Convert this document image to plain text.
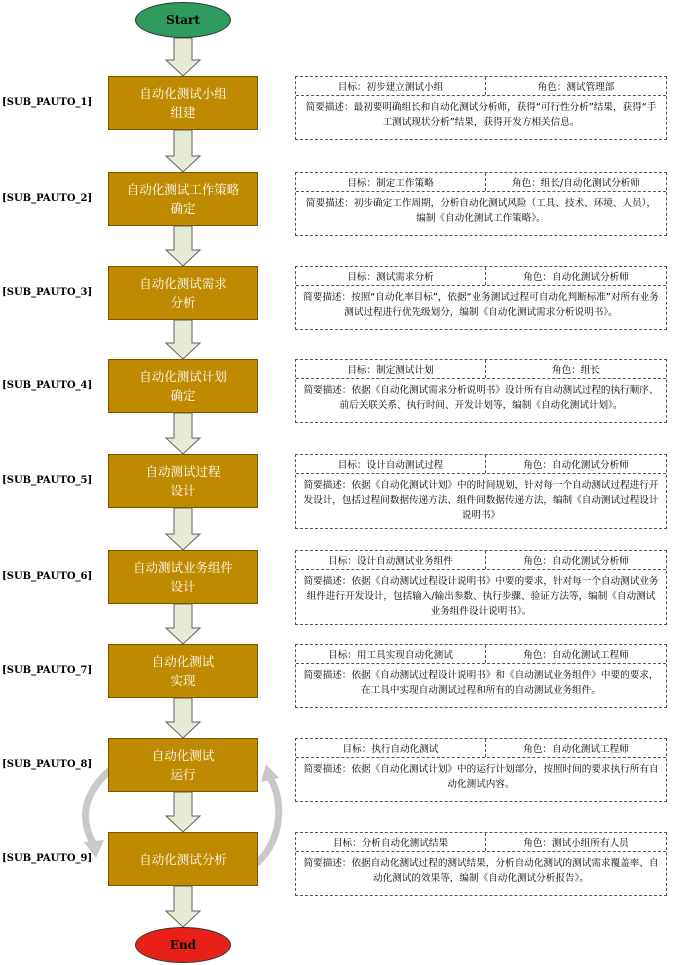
Start
[SUB_PAUTO_1]
自动化测试小组
组建
目标：初步建立测试小组	角色：测试管理部
简要描述：最初要明确组长和自动化测试分析师，获得“可行性分析”结果，获得“手工测试现状分析”结果，获得开发方相关信息。
[SUB_PAUTO_2]
自动化测试工作策略
确定
目标：制定工作策略	角色：组长/自动化测试分析师
简要描述：初步确定工作周期，分析自动化测试风险（工具、技术、环境、人员），编制《自动化测试工作策略》。
[SUB_PAUTO_3]
自动化测试需求
分析
目标：测试需求分析	角色：自动化测试分析师
简要描述：按照“自动化率目标”，依据“业务测试过程可自动化判断标准”对所有业务测试过程进行优先级划分，编制《自动化测试需求分析说明书》。
[SUB_PAUTO_4]
自动化测试计划
确定
目标：制定测试计划	角色：组长
简要描述：依据《自动化测试需求分析说明书》设计所有自动测试过程的执行顺序、前后关联关系、执行时间、开发计划等，编制《自动化测试计划》。
[SUB_PAUTO_5]
自动测试过程
设计
目标：设计自动测试过程	角色：自动化测试分析师
简要描述：依据《自动化测试计划》中的时间规划，针对每一个自动测试过程进行开发设计，包括过程间数据传递方法、组件间数据传递方法，编制《自动测试过程设计说明书》
[SUB_PAUTO_6]
自动测试业务组件
设计
目标：设计自动测试业务组件	角色：自动化测试分析师
简要描述：依据《自动测试过程设计说明书》中要的要求，针对每一个自动测试业务组件进行开发设计，包括输入/输出参数、执行步骤、验证方法等，编制《自动测试业务组件设计说明书》。
[SUB_PAUTO_7]
自动化测试
实现
目标：用工具实现自动化测试	角色：自动化测试工程师
简要描述：依据《自动测试过程设计说明书》和《自动测试业务组件》中要的要求，在工具中实现自动测试过程和所有的自动测试业务组件。
[SUB_PAUTO_8]
自动化测试
运行
目标：执行自动化测试	角色：自动化测试工程师
简要描述：依据《自动化测试计划》中的运行计划部分，按照时间的要求执行所有自动化测试内容。
[SUB_PAUTO_9]	自动化测试分析
目标：分析自动化测试结果	角色：测试小组所有人员
简要描述：依据自动化测试过程的测试结果，分析自动化测试的测试需求覆盖率、自动化测试的效果等，编制《自动化测试分析报告》。
End
